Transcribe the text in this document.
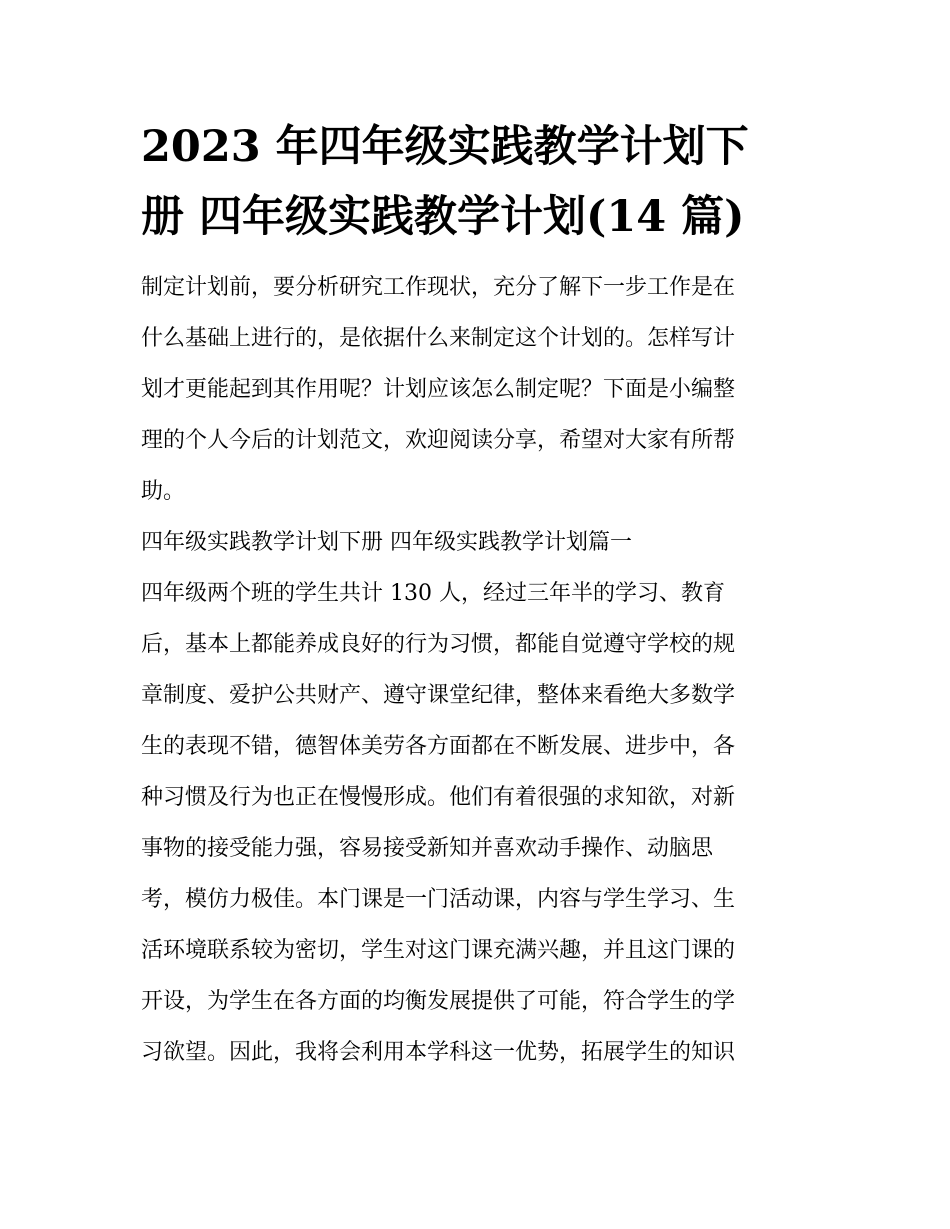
2023 年四年级实践教学计划下
册 四年级实践教学计划(14 篇)

制定计划前，要分析研究工作现状，充分了解下一步工作是在
什么基础上进行的，是依据什么来制定这个计划的。怎样写计
划才更能起到其作用呢？计划应该怎么制定呢？下面是小编整
理的个人今后的计划范文，欢迎阅读分享，希望对大家有所帮
助。

四年级实践教学计划下册 四年级实践教学计划篇一

四年级两个班的学生共计 130 人，经过三年半的学习、教育
后，基本上都能养成良好的行为习惯，都能自觉遵守学校的规
章制度、爱护公共财产、遵守课堂纪律，整体来看绝大多数学
生的表现不错，德智体美劳各方面都在不断发展、进步中，各
种习惯及行为也正在慢慢形成。他们有着很强的求知欲，对新
事物的接受能力强，容易接受新知并喜欢动手操作、动脑思
考，模仿力极佳。本门课是一门活动课，内容与学生学习、生
活环境联系较为密切，学生对这门课充满兴趣，并且这门课的
开设，为学生在各方面的均衡发展提供了可能，符合学生的学
习欲望。因此，我将会利用本学科这一优势，拓展学生的知识
